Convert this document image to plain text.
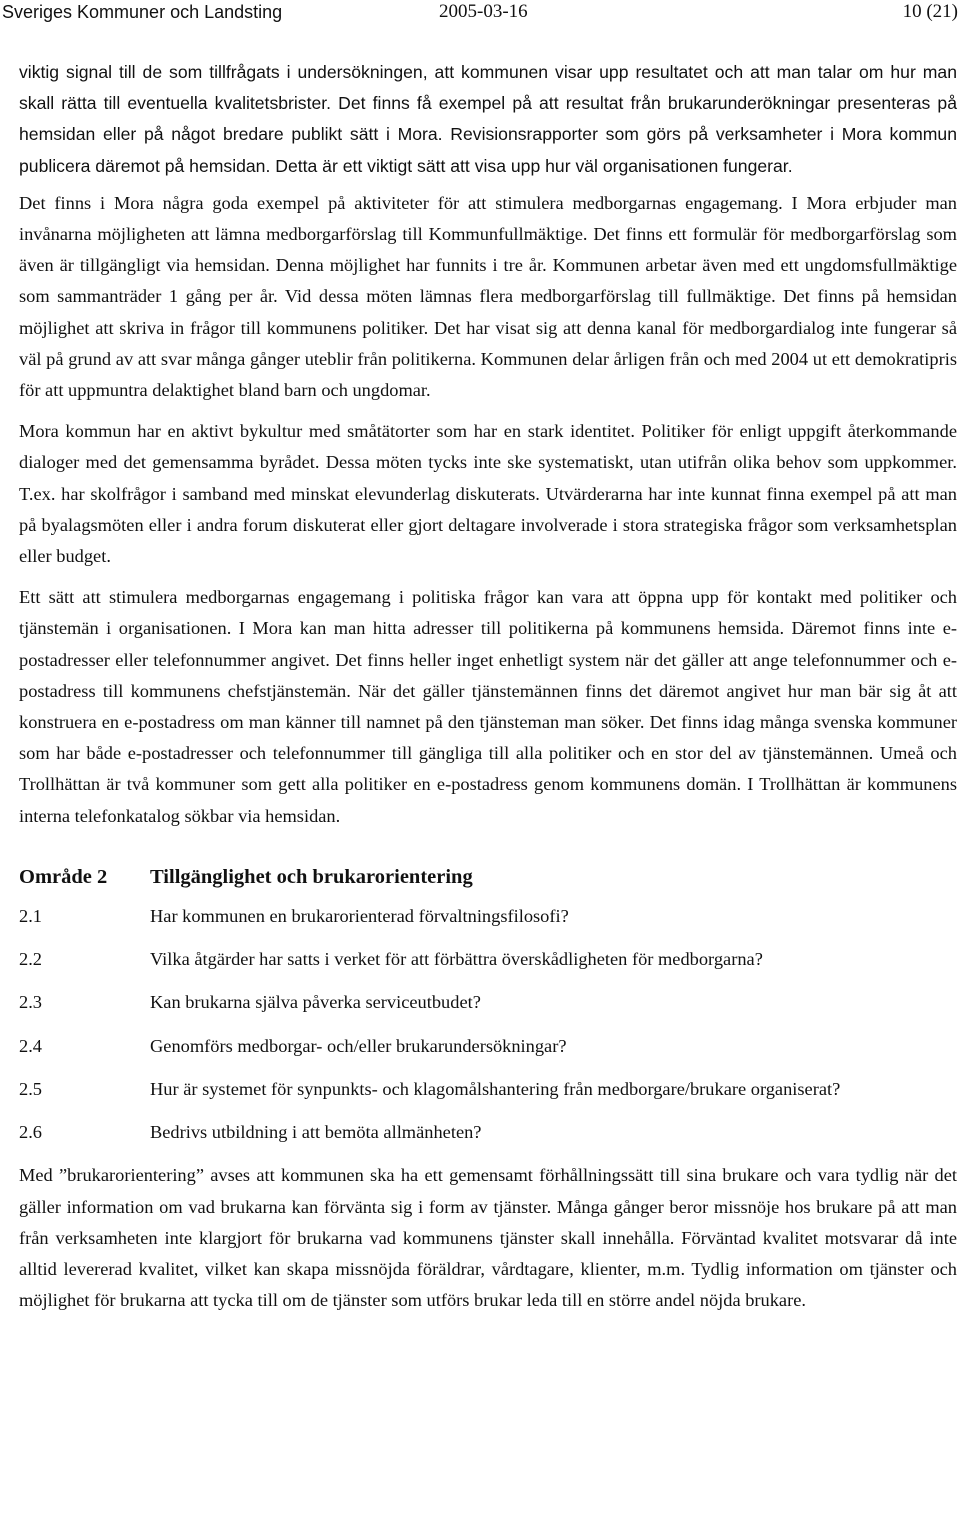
Sveriges Kommuner och Landsting	2005-03-16	10 (21)

viktig signal till de som tillfrågats i undersökningen, att kommunen visar upp resultatet och att man talar om hur man skall rätta till eventuella kvalitetsbrister. Det finns få exempel på att resultat från brukarunderökningar presenteras på hemsidan eller på något bredare publikt sätt i Mora. Revisionsrapporter som görs på verksamheter i Mora kommun publicera däremot på hemsidan. Detta är ett viktigt sätt att visa upp hur väl organisationen fungerar.

Det finns i Mora några goda exempel på aktiviteter för att stimulera medborgarnas engagemang. I Mora erbjuder man invånarna möjligheten att lämna medborgarförslag till Kommunfullmäktige. Det finns ett formulär för medborgarförslag som även är tillgängligt via hemsidan. Denna möjlighet har funnits i tre år. Kommunen arbetar även med ett ungdomsfullmäktige som sammanträder 1 gång per år. Vid dessa möten lämnas flera medborgarförslag till fullmäktige. Det finns på hemsidan möjlighet att skriva in frågor till kommunens politiker. Det har visat sig att denna kanal för medborgardialog inte fungerar så väl på grund av att svar många gånger uteblir från politikerna. Kommunen delar årligen från och med 2004 ut ett demokratipris för att uppmuntra delaktighet bland barn och ungdomar.

Mora kommun har en aktivt bykultur med småtätorter som har en stark identitet. Politiker för enligt uppgift återkommande dialoger med det gemensamma byrådet. Dessa möten tycks inte ske systematiskt, utan utifrån olika behov som uppkommer. T.ex. har skolfrågor i samband med minskat elevunderlag diskuterats. Utvärderarna har inte kunnat finna exempel på att man på byalagsmöten eller i andra forum diskuterat eller gjort deltagare involverade i stora strategiska frågor som verksamhetsplan eller budget.

Ett sätt att stimulera medborgarnas engagemang i politiska frågor kan vara att öppna upp för kontakt med politiker och tjänstemän i organisationen. I Mora kan man hitta adresser till politikerna på kommunens hemsida. Däremot finns inte e-postadresser eller telefonnummer angivet. Det finns heller inget enhetligt system när det gäller att ange telefonnummer och e-postadress till kommunens chefstjänstemän. När det gäller tjänstemännen finns det däremot angivet hur man bär sig åt att konstruera en e-postadress om man känner till namnet på den tjänsteman man söker. Det finns idag många svenska kommuner som har både e-postadresser och telefonnummer till gängliga till alla politiker och en stor del av tjänstemännen. Umeå och Trollhättan är två kommuner som gett alla politiker en e-postadress genom kommunens domän. I Trollhättan är kommunens interna telefonkatalog sökbar via hemsidan.

Område 2	Tillgänglighet och brukarorientering
2.1	Har kommunen en brukarorienterad förvaltningsfilosofi?
2.2	Vilka åtgärder har satts i verket för att förbättra överskådligheten för medborgarna?
2.3	Kan brukarna själva påverka serviceutbudet?
2.4	Genomförs medborgar- och/eller brukarundersökningar?
2.5	Hur är systemet för synpunkts- och klagomålshantering från medborgare/brukare organiserat?
2.6	Bedrivs utbildning i att bemöta allmänheten?

Med ”brukarorientering” avses att kommunen ska ha ett gemensamt förhållningssätt till sina brukare och vara tydlig när det gäller information om vad brukarna kan förvänta sig i form av tjänster. Många gånger beror missnöje hos brukare på att man från verksamheten inte klargjort för brukarna vad kommunens tjänster skall innehålla. Förväntad kvalitet motsvarar då inte alltid levererad kvalitet, vilket kan skapa missnöjda föräldrar, vårdtagare, klienter, m.m. Tydlig information om tjänster och möjlighet för brukarna att tycka till om de tjänster som utförs brukar leda till en större andel nöjda brukare.
